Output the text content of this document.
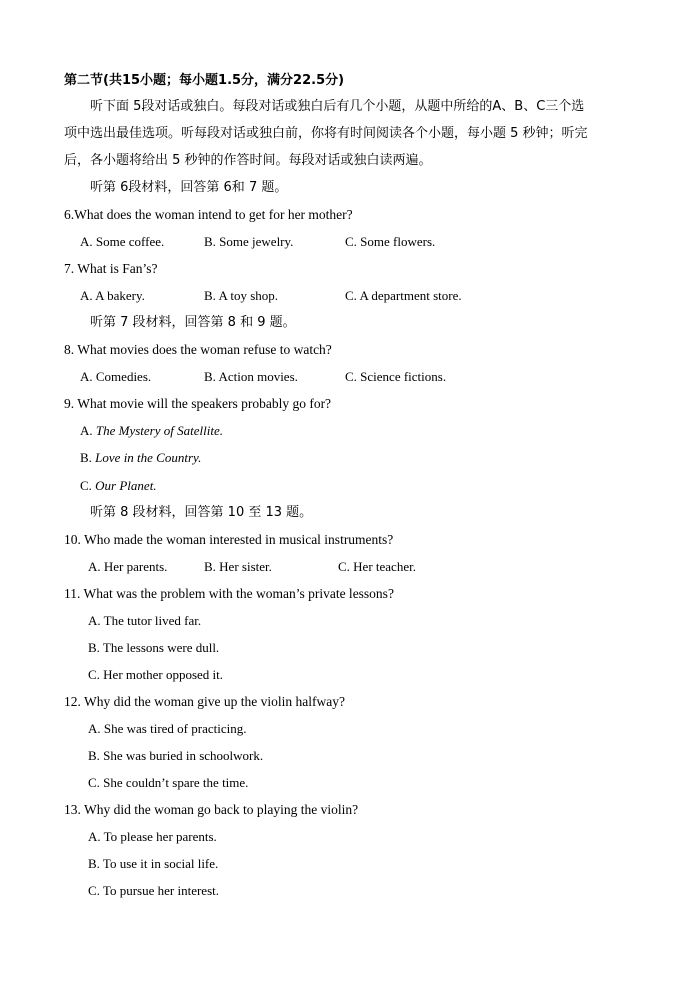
第二节(共15小题；每小题1.5分，满分22.5分)
听下面 5段对话或独白。每段对话或独白后有几个小题，从题中所给的A、B、C三个选
项中选出最佳选项。听每段对话或独白前，你将有时间阅读各个小题，每小题 5 秒钟；听完
后，各小题将给出 5 秒钟的作答时间。每段对话或独白读两遍。
听第 6段材料，回答第 6和 7 题。
6.What does the woman intend to get for her mother?
A. Some coffee.	B. Some jewelry.	C. Some flowers.
7. What is Fan’s?
A. A bakery.	B. A toy shop.	C. A department store.
听第 7 段材料，回答第 8 和 9 题。
8. What movies does the woman refuse to watch?
A. Comedies.	B. Action movies.	C. Science fictions.
9. What movie will the speakers probably go for?
A. The Mystery of Satellite.
B. Love in the Country.
C. Our Planet.
听第 8 段材料，回答第 10 至 13 题。
10. Who made the woman interested in musical instruments?
A. Her parents.	B. Her sister.	C. Her teacher.
11. What was the problem with the woman’s private lessons?
A. The tutor lived far.
B. The lessons were dull.
C. Her mother opposed it.
12. Why did the woman give up the violin halfway?
A. She was tired of practicing.
B. She was buried in schoolwork.
C. She couldn’t spare the time.
13. Why did the woman go back to playing the violin?
A. To please her parents.
B. To use it in social life.
C. To pursue her interest.
